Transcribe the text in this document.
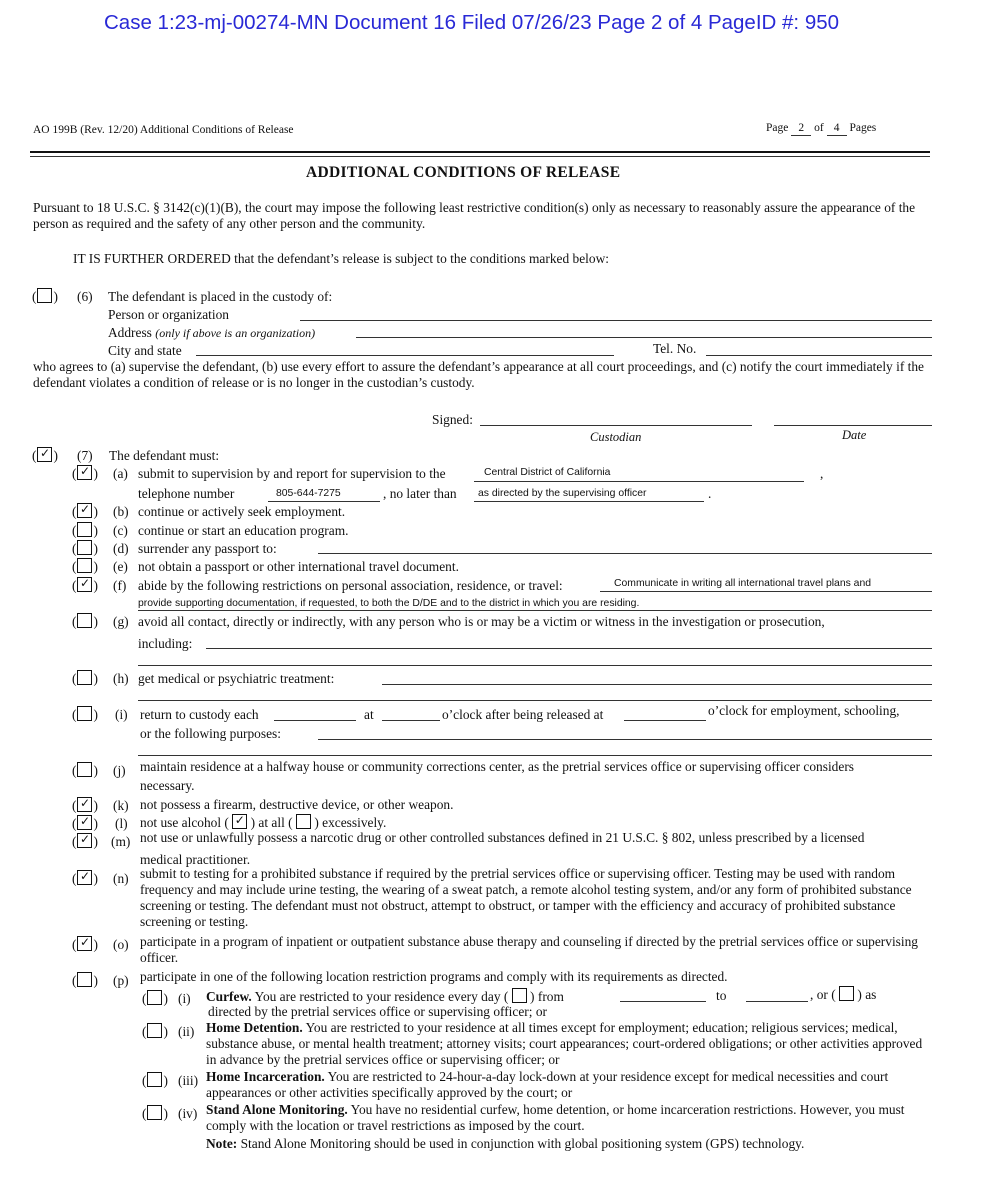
Case 1:23-mj-00274-MN Document 16 Filed 07/26/23 Page 2 of 4 PageID #: 950
AO 199B (Rev. 12/20) Additional Conditions of Release	Page 2 of 4 Pages
ADDITIONAL CONDITIONS OF RELEASE
Pursuant to 18 U.S.C. § 3142(c)(1)(B), the court may impose the following least restrictive condition(s) only as necessary to reasonably assure the appearance of the person as required and the safety of any other person and the community.
IT IS FURTHER ORDERED that the defendant’s release is subject to the conditions marked below:
( ) (6) The defendant is placed in the custody of:
Person or organization
Address (only if above is an organization)
City and state	Tel. No.
who agrees to (a) supervise the defendant, (b) use every effort to assure the defendant’s appearance at all court proceedings, and (c) notify the court immediately if the defendant violates a condition of release or is no longer in the custodian’s custody.
Signed:
Custodian	Date
( ✓ ) (7) The defendant must:
( ✓ ) (a) submit to supervision by and report for supervision to the	Central District of California	,
telephone number	805-644-7275	, no later than as directed by the supervising officer	.
( ✓ ) (b) continue or actively seek employment.
( ) (c) continue or start an education program.
( ) (d) surrender any passport to:
( ) (e) not obtain a passport or other international travel document.
( ✓ ) (f) abide by the following restrictions on personal association, residence, or travel:	Communicate in writing all international travel plans and
provide supporting documentation, if requested, to both the D/DE and to the district in which you are residing.
( ) (g) avoid all contact, directly or indirectly, with any person who is or may be a victim or witness in the investigation or prosecution,
including:
( ) (h) get medical or psychiatric treatment:
( ) (i) return to custody each	at	o’clock after being released at	o’clock for employment, schooling,
or the following purposes:
( ) (j) maintain residence at a halfway house or community corrections center, as the pretrial services office or supervising officer considers
necessary.
( ✓ ) (k) not possess a firearm, destructive device, or other weapon.
( ✓ ) (l) not use alcohol ( ✓ ) at all ( ) excessively.
( ✓ ) (m) not use or unlawfully possess a narcotic drug or other controlled substances defined in 21 U.S.C. § 802, unless prescribed by a licensed
medical practitioner.
( ✓ ) (n) submit to testing for a prohibited substance if required by the pretrial services office or supervising officer. Testing may be used with random frequency and may include urine testing, the wearing of a sweat patch, a remote alcohol testing system, and/or any form of prohibited substance screening or testing. The defendant must not obstruct, attempt to obstruct, or tamper with the efficiency and accuracy of prohibited substance screening or testing.
( ✓ ) (o) participate in a program of inpatient or outpatient substance abuse therapy and counseling if directed by the pretrial services office or supervising officer.
( ) (p) participate in one of the following location restriction programs and comply with its requirements as directed.
( ) (i) Curfew. You are restricted to your residence every day ( ) from	to	, or ( ) as
directed by the pretrial services office or supervising officer; or
( ) (ii) Home Detention. You are restricted to your residence at all times except for employment; education; religious services; medical, substance abuse, or mental health treatment; attorney visits; court appearances; court-ordered obligations; or other activities approved in advance by the pretrial services office or supervising officer; or
( ) (iii) Home Incarceration. You are restricted to 24-hour-a-day lock-down at your residence except for medical necessities and court appearances or other activities specifically approved by the court; or
( ) (iv) Stand Alone Monitoring. You have no residential curfew, home detention, or home incarceration restrictions. However, you must comply with the location or travel restrictions as imposed by the court.
Note: Stand Alone Monitoring should be used in conjunction with global positioning system (GPS) technology.
